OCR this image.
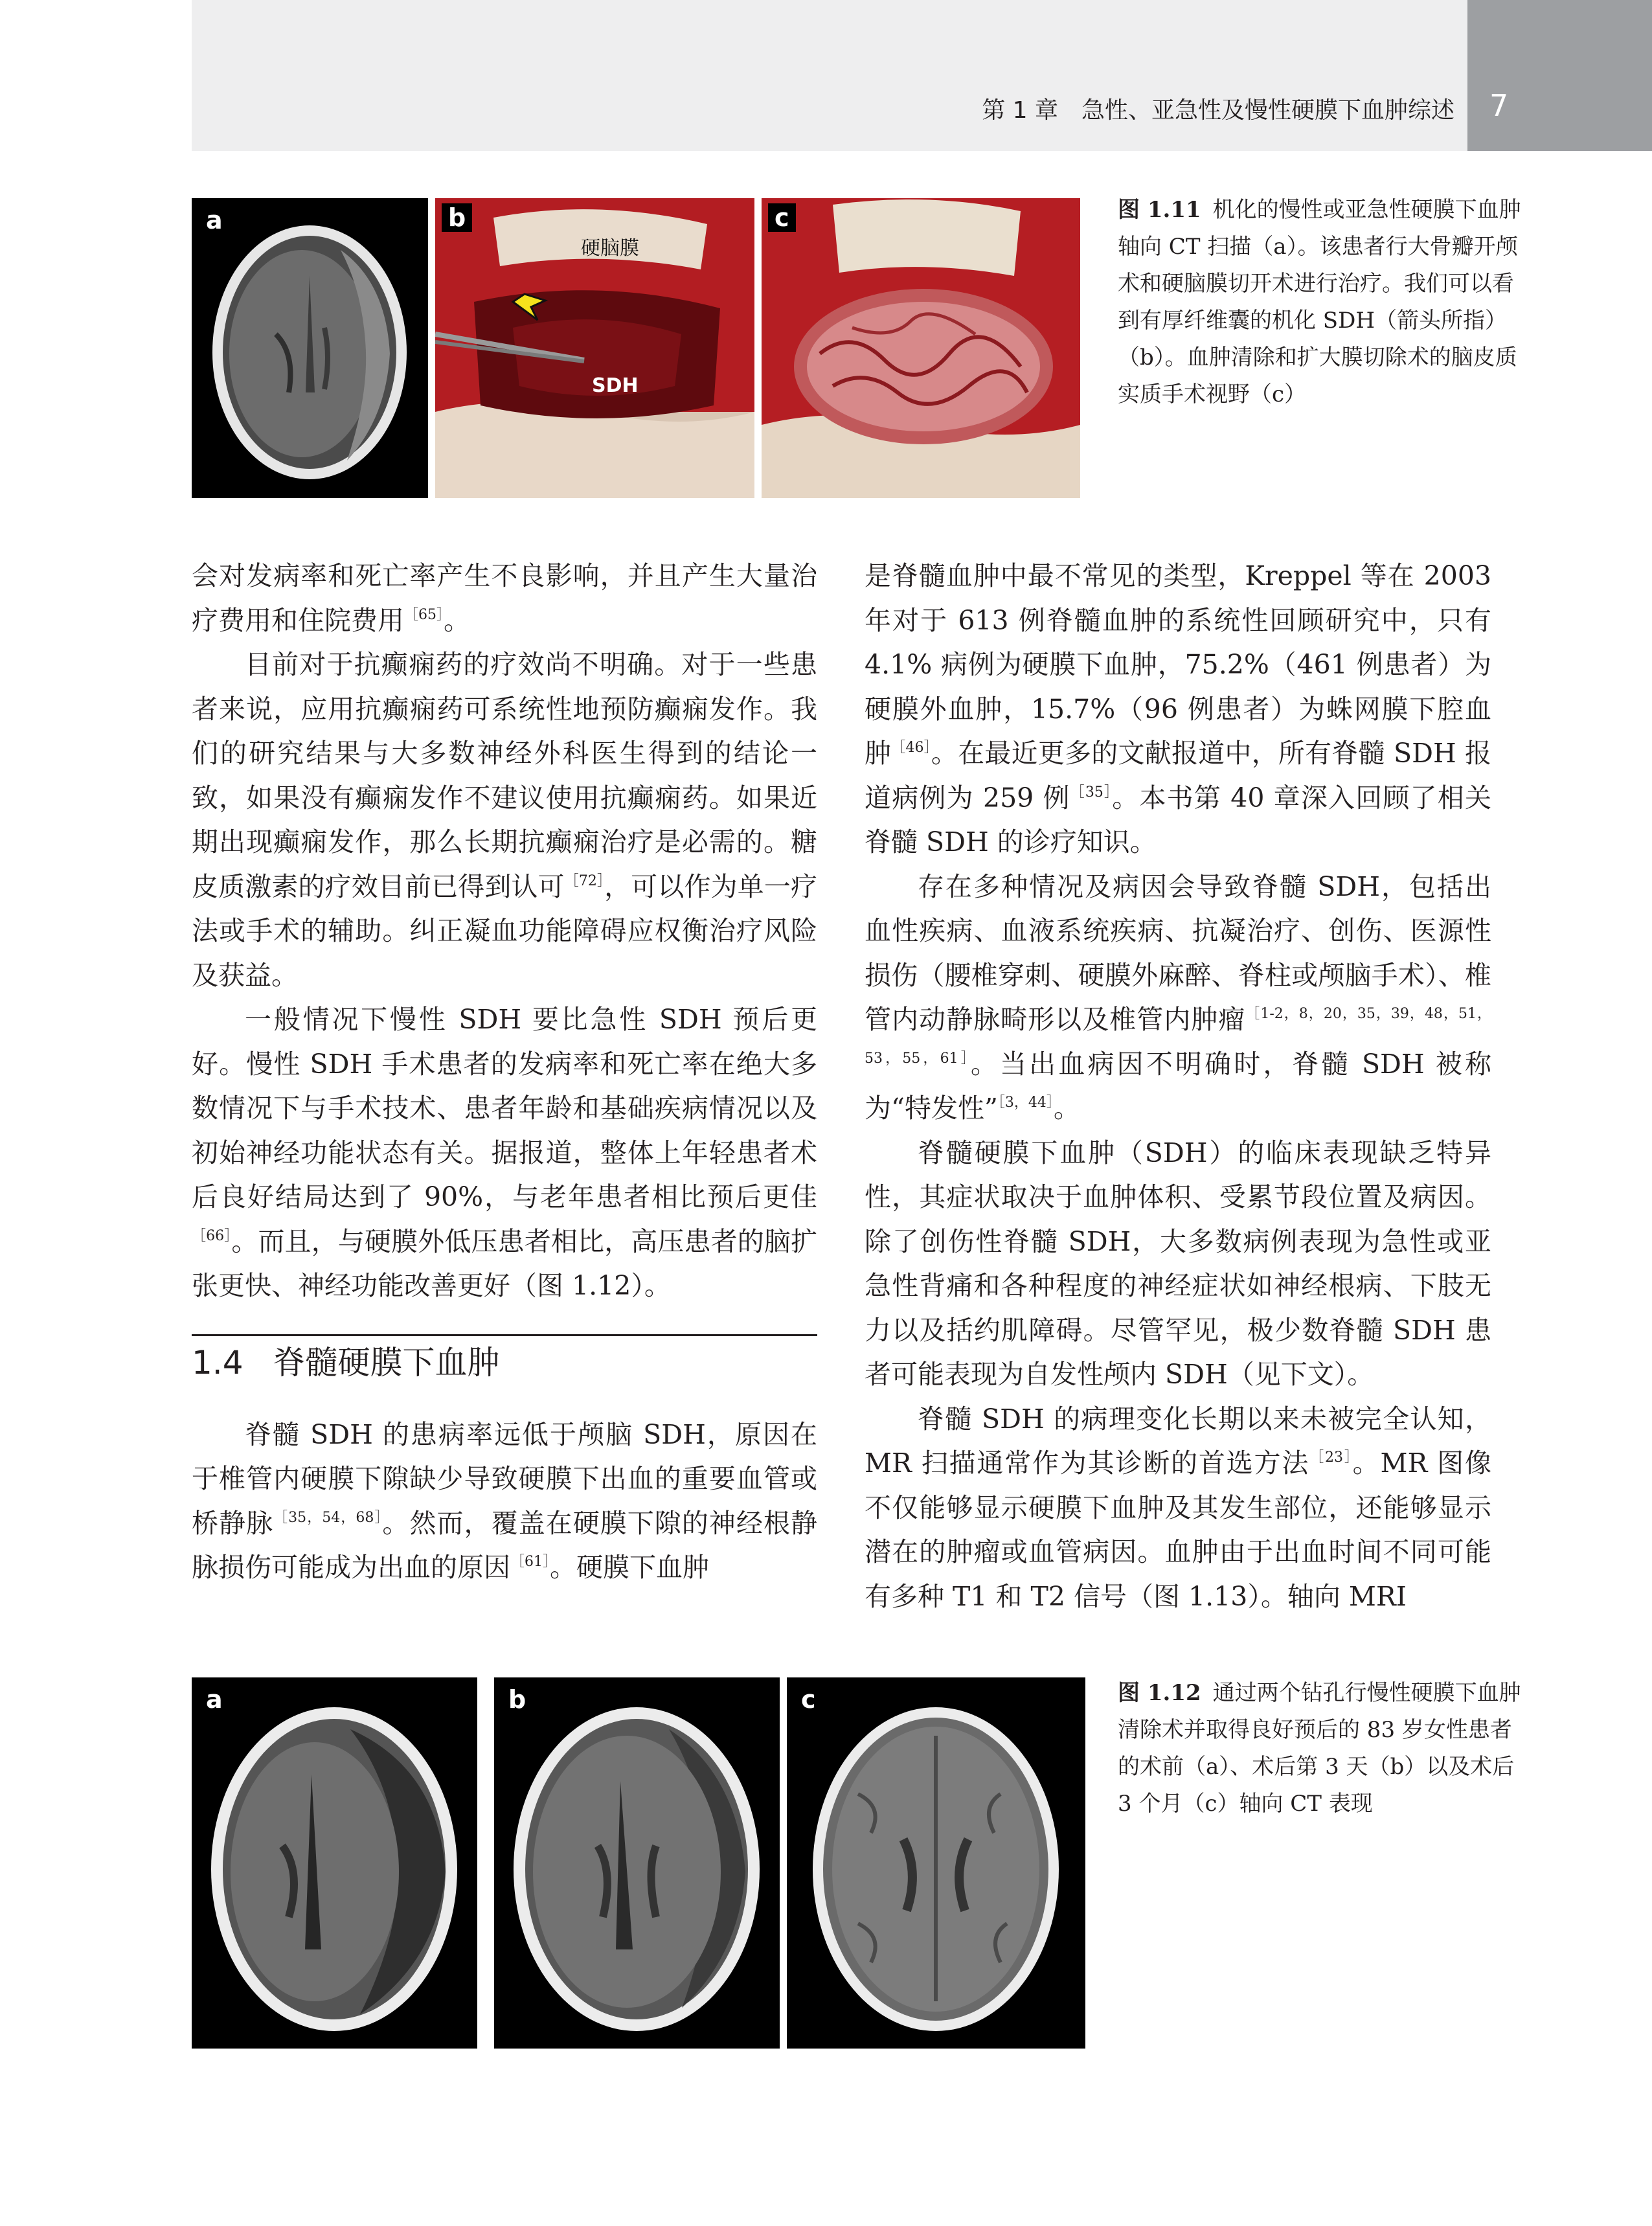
第 1 章　急性、亚急性及慢性硬膜下血肿综述 7
a	b
硬脑膜
SDH
c	图 1.11 机化的慢性或亚急性硬膜下血肿轴向 CT 扫描（a）。该患者行大骨瓣开颅术和硬脑膜切开术进行治疗。我们可以看到有厚纤维囊的机化 SDH（箭头所指）（b）。血肿清除和扩大膜切除术的脑皮质实质手术视野（c）

会对发病率和死亡率产生不良影响，并且产生大量治疗费用和住院费用$^{[65]}$。

目前对于抗癫痫药的疗效尚不明确。对于一些患者来说，应用抗癫痫药可系统性地预防癫痫发作。我们的研究结果与大多数神经外科医生得到的结论一致，如果没有癫痫发作不建议使用抗癫痫药。如果近期出现癫痫发作，那么长期抗癫痫治疗是必需的。糖皮质激素的疗效目前已得到认可$^{[72]}$，可以作为单一疗法或手术的辅助。纠正凝血功能障碍应权衡治疗风险及获益。

一般情况下慢性 SDH 要比急性 SDH 预后更好。慢性 SDH 手术患者的发病率和死亡率在绝大多数情况下与手术技术、患者年龄和基础疾病情况以及初始神经功能状态有关。据报道，整体上年轻患者术后良好结局达到了 90%，与老年患者相比预后更佳$^{[66]}$。而且，与硬膜外低压患者相比，高压患者的脑扩张更快、神经功能改善更好（图 1.12）。

1.4 脊髓硬膜下血肿

脊髓 SDH 的患病率远低于颅脑 SDH，原因在于椎管内硬膜下隙缺少导致硬膜下出血的重要血管或桥静脉$^{[35,54,68]}$。然而，覆盖在硬膜下隙的神经根静脉损伤可能成为出血的原因$^{[61]}$。硬膜下血肿

是脊髓血肿中最不常见的类型，Kreppel 等在 2003 年对于 613 例脊髓血肿的系统性回顾研究中，只有 4.1% 病例为硬膜下血肿，75.2%（461 例患者）为硬膜外血肿，15.7%（96 例患者）为蛛网膜下腔血肿$^{[46]}$。在最近更多的文献报道中，所有脊髓 SDH 报道病例为 259 例$^{[35]}$。本书第 40 章深入回顾了相关脊髓 SDH 的诊疗知识。

存在多种情况及病因会导致脊髓 SDH，包括出血性疾病、血液系统疾病、抗凝治疗、创伤、医源性损伤（腰椎穿刺、硬膜外麻醉、脊柱或颅脑手术）、椎管内动静脉畸形以及椎管内肿瘤$^{[1-2,8,20,35,39,48,51,53,55,61]}$。当出血病因不明确时，脊髓 SDH 被称为“特发性”$^{[3,44]}$。

脊髓硬膜下血肿（SDH）的临床表现缺乏特异性，其症状取决于血肿体积、受累节段位置及病因。除了创伤性脊髓 SDH，大多数病例表现为急性或亚急性背痛和各种程度的神经症状如神经根病、下肢无力以及括约肌障碍。尽管罕见，极少数脊髓 SDH 患者可能表现为自发性颅内 SDH（见下文）。

脊髓 SDH 的病理变化长期以来未被完全认知，MR 扫描通常作为其诊断的首选方法$^{[23]}$。MR 图像不仅能够显示硬膜下血肿及其发生部位，还能够显示潜在的肿瘤或血管病因。血肿由于出血时间不同可能有多种 T1 和 T2 信号（图 1.13）。轴向 MRI

a	b	c	图 1.12 通过两个钻孔行慢性硬膜下血肿清除术并取得良好预后的 83 岁女性患者的术前（a）、术后第 3 天（b）以及术后 3 个月（c）轴向 CT 表现
